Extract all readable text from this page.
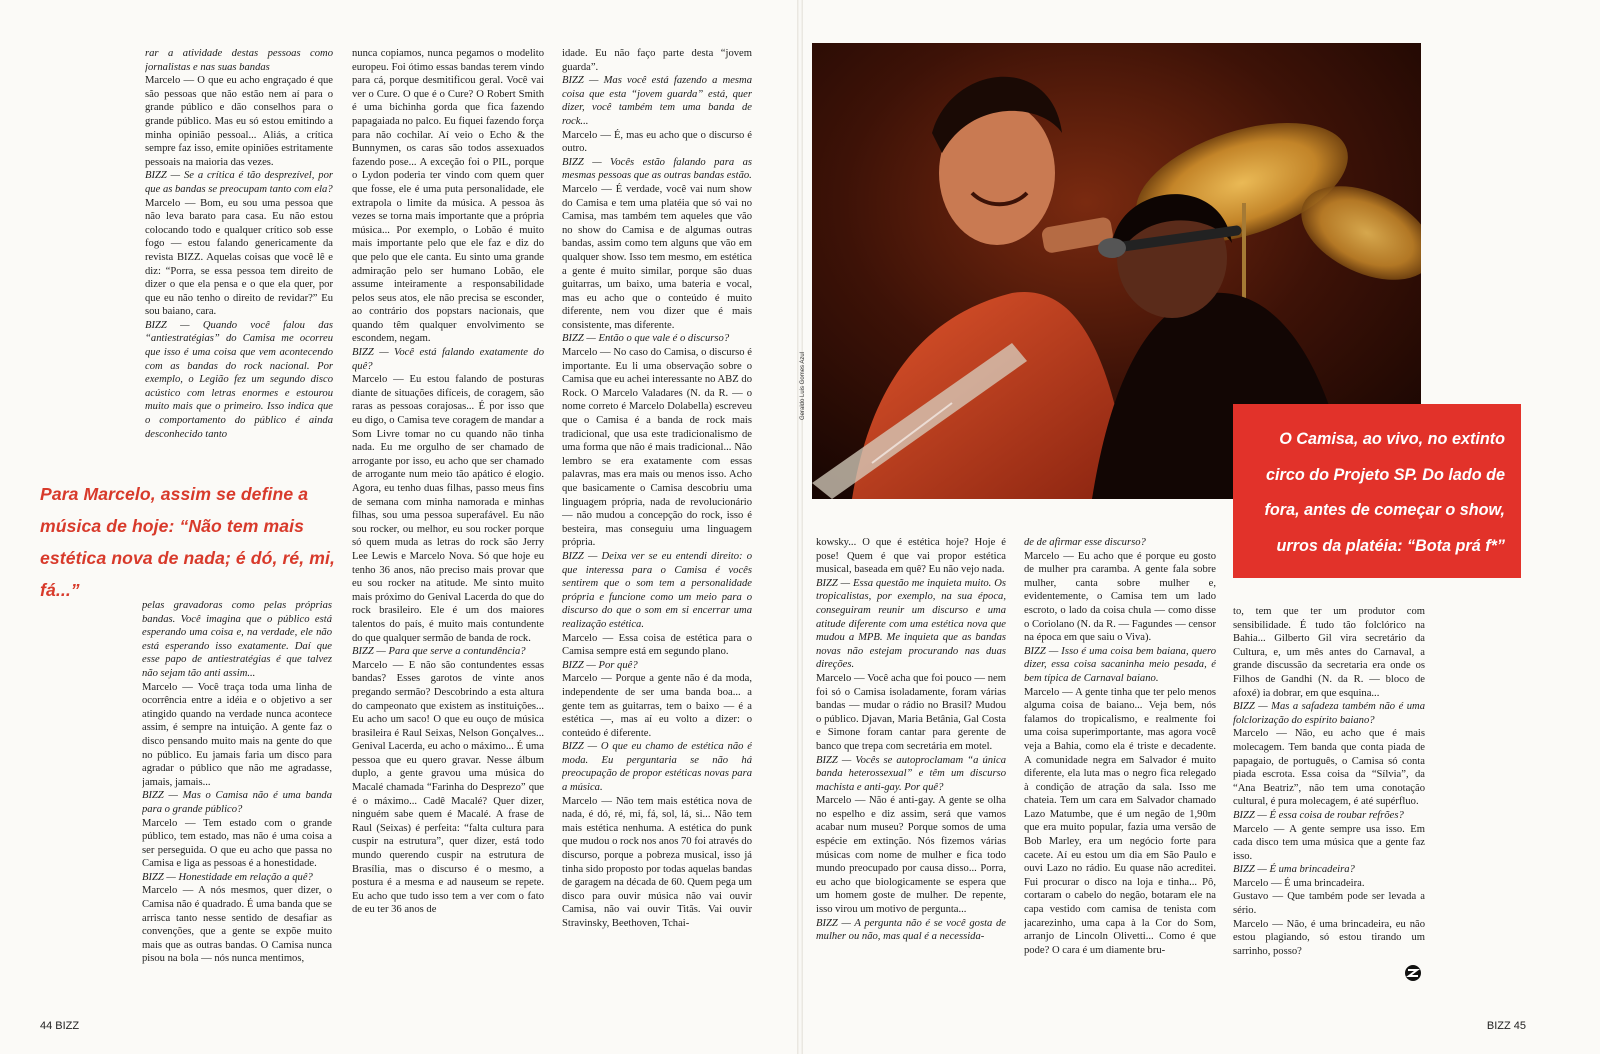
rar a atividade destas pessoas como jornalistas e nas suas bandas

Marcelo — O que eu acho engraçado é que são pessoas que não estão nem aí para o grande público e dão conselhos para o grande público. Mas eu só estou emitindo a minha opinião pessoal... Aliás, a crítica sempre faz isso, emite opiniões estritamente pessoais na maioria das vezes.

BIZZ — Se a crítica é tão desprezível, por que as bandas se preocupam tanto com ela?

Marcelo — Bom, eu sou uma pessoa que não leva barato para casa. Eu não estou colocando todo e qualquer crítico sob esse fogo — estou falando genericamente da revista BIZZ. Aquelas coisas que você lê e diz: “Porra, se essa pessoa tem direito de dizer o que ela pensa e o que ela quer, por que eu não tenho o direito de revidar?” Eu sou baiano, cara.

BIZZ — Quando você falou das “antiestratégias” do Camisa me ocorreu que isso é uma coisa que vem acontecendo com as bandas do rock nacional. Por exemplo, o Legião fez um segundo disco acústico com letras enormes e estourou muito mais que o primeiro. Isso indica que o comportamento do público é ainda desconhecido tanto

Para Marcelo, assim se define a música de hoje: “Não tem mais estética nova de nada; é dó, ré, mi, fá...”

pelas gravadoras como pelas próprias bandas. Você imagina que o público está esperando uma coisa e, na verdade, ele não está esperando isso exatamente. Daí que esse papo de antiestratégias é que talvez não sejam tão anti assim...

Marcelo — Você traça toda uma linha de ocorrência entre a idéia e o objetivo a ser atingido quando na verdade nunca acontece assim, é sempre na intuição. A gente faz o disco pensando muito mais na gente do que no público. Eu jamais faria um disco para agradar o público que não me agradasse, jamais, jamais...

BIZZ — Mas o Camisa não é uma banda para o grande público?

Marcelo — Tem estado com o grande público, tem estado, mas não é uma coisa a ser perseguida. O que eu acho que passa no Camisa e liga as pessoas é a honestidade.

BIZZ — Honestidade em relação a quê?

Marcelo — A nós mesmos, quer dizer, o Camisa não é quadrado. É uma banda que se arrisca tanto nesse sentido de desafiar as convenções, que a gente se expõe muito mais que as outras bandas. O Camisa nunca pisou na bola — nós nunca mentimos,

nunca copiamos, nunca pegamos o modelito europeu. Foi ótimo essas bandas terem vindo para cá, porque desmitificou geral. Você vai ver o Cure. O que é o Cure? O Robert Smith é uma bichinha gorda que fica fazendo papagaiada no palco. Eu fiquei fazendo força para não cochilar. Aí veio o Echo & the Bunnymen, os caras são todos assexuados fazendo pose... A exceção foi o PIL, porque o Lydon poderia ter vindo com quem quer que fosse, ele é uma puta personalidade, ele extrapola o limite da música. A pessoa às vezes se torna mais importante que a própria música... Por exemplo, o Lobão é muito mais importante pelo que ele faz e diz do que pelo que ele canta. Eu sinto uma grande admiração pelo ser humano Lobão, ele assume inteiramente a responsabilidade pelos seus atos, ele não precisa se esconder, ao contrário dos popstars nacionais, que quando têm qualquer envolvimento se escondem, negam.

BIZZ — Você está falando exatamente do quê?

Marcelo — Eu estou falando de posturas diante de situações difíceis, de coragem, são raras as pessoas corajosas... É por isso que eu digo, o Camisa teve coragem de mandar a Som Livre tomar no cu quando não tinha nada. Eu me orgulho de ser chamado de arrogante por isso, eu acho que ser chamado de arrogante num meio tão apático é elogio. Agora, eu tenho duas filhas, passo meus fins de semana com minha namorada e minhas filhas, sou uma pessoa superafável. Eu não sou rocker, ou melhor, eu sou rocker porque só quem muda as letras do rock são Jerry Lee Lewis e Marcelo Nova. Só que hoje eu tenho 36 anos, não preciso mais provar que eu sou rocker na atitude. Me sinto muito mais próximo do Genival Lacerda do que do rock brasileiro. Ele é um dos maiores talentos do país, é muito mais contundente do que qualquer sermão de banda de rock.

BIZZ — Para que serve a contundência?

Marcelo — E não são contundentes essas bandas? Esses garotos de vinte anos pregando sermão? Descobrindo a esta altura do campeonato que existem as instituições... Eu acho um saco! O que eu ouço de música brasileira é Raul Seixas, Nelson Gonçalves... Genival Lacerda, eu acho o máximo... É uma pessoa que eu quero gravar. Nesse álbum duplo, a gente gravou uma música do Macalé chamada “Farinha do Desprezo” que é o máximo... Cadê Macalé? Quer dizer, ninguém sabe quem é Macalé. A frase de Raul (Seixas) é perfeita: “falta cultura para cuspir na estrutura”, quer dizer, está todo mundo querendo cuspir na estrutura de Brasília, mas o discurso é o mesmo, a postura é a mesma e ad nauseum se repete. Eu acho que tudo isso tem a ver com o fato de eu ter 36 anos de

idade. Eu não faço parte desta “jovem guarda”.

BIZZ — Mas você está fazendo a mesma coisa que esta “jovem guarda” está, quer dizer, você também tem uma banda de rock...

Marcelo — É, mas eu acho que o discurso é outro.

BIZZ — Vocês estão falando para as mesmas pessoas que as outras bandas estão.

Marcelo — É verdade, você vai num show do Camisa e tem uma platéia que só vai no Camisa, mas também tem aqueles que vão no show do Camisa e de algumas outras bandas, assim como tem alguns que vão em qualquer show. Isso tem mesmo, em estética a gente é muito similar, porque são duas guitarras, um baixo, uma bateria e vocal, mas eu acho que o conteúdo é muito diferente, nem vou dizer que é mais consistente, mas diferente.

BIZZ — Então o que vale é o discurso?

Marcelo — No caso do Camisa, o discurso é importante. Eu li uma observação sobre o Camisa que eu achei interessante no ABZ do Rock. O Marcelo Valadares (N. da R. — o nome correto é Marcelo Dolabella) escreveu que o Camisa é a banda de rock mais tradicional, que usa este tradicionalismo de uma forma que não é mais tradicional... Não lembro se era exatamente com essas palavras, mas era mais ou menos isso. Acho que basicamente o Camisa descobriu uma linguagem própria, nada de revolucionário — não mudou a concepção do rock, isso é besteira, mas conseguiu uma linguagem própria.

BIZZ — Deixa ver se eu entendi direito: o que interessa para o Camisa é vocês sentirem que o som tem a personalidade própria e funcione como um meio para o discurso do que o som em si encerrar uma realização estética.

Marcelo — Essa coisa de estética para o Camisa sempre está em segundo plano.

BIZZ — Por quê?

Marcelo — Porque a gente não é da moda, independente de ser uma banda boa... a gente tem as guitarras, tem o baixo — é a estética —, mas aí eu volto a dizer: o conteúdo é diferente.

BIZZ — O que eu chamo de estética não é moda. Eu perguntaria se não há preocupação de propor estéticas novas para a música.

Marcelo — Não tem mais estética nova de nada, é dó, ré, mi, fá, sol, lá, si... Não tem mais estética nenhuma. A estética do punk que mudou o rock nos anos 70 foi através do discurso, porque a pobreza musical, isso já tinha sido proposto por todas aquelas bandas de garagem na década de 60. Quem pega um disco para ouvir música não vai ouvir Camisa, não vai ouvir Titãs. Vai ouvir Stravinsky, Beethoven, Tchai-

44 BIZZ
Geraldo Luis Gomes Azul
O Camisa, ao vivo, no extinto circo do Projeto SP. Do lado de fora, antes de começar o show, urros da platéia: “Bota prá f*”

kowsky... O que é estética hoje? Hoje é pose! Quem é que vai propor estética musical, baseada em quê? Eu não vejo nada.

BIZZ — Essa questão me inquieta muito. Os tropicalistas, por exemplo, na sua época, conseguiram reunir um discurso e uma atitude diferente com uma estética nova que mudou a MPB. Me inquieta que as bandas novas não estejam procurando nas duas direções.

Marcelo — Você acha que foi pouco — nem foi só o Camisa isoladamente, foram várias bandas — mudar o rádio no Brasil? Mudou o público. Djavan, Maria Betânia, Gal Costa e Simone foram cantar para gerente de banco que trepa com secretária em motel.

BIZZ — Vocês se autoproclamam “a única banda heterossexual” e têm um discurso machista e anti-gay. Por quê?

Marcelo — Não é anti-gay. A gente se olha no espelho e diz assim, será que vamos acabar num museu? Porque somos de uma espécie em extinção. Nós fizemos várias músicas com nome de mulher e fica todo mundo preocupado por causa disso... Porra, eu acho que biologicamente se espera que um homem goste de mulher. De repente, isso virou um motivo de pergunta...

BIZZ — A pergunta não é se você gosta de mulher ou não, mas qual é a necessida-

de de afirmar esse discurso?

Marcelo — Eu acho que é porque eu gosto de mulher pra caramba. A gente fala sobre mulher, canta sobre mulher e, evidentemente, o Camisa tem um lado escroto, o lado da coisa chula — como disse o Coriolano (N. da R. — Fagundes — censor na época em que saiu o Viva).

BIZZ — Isso é uma coisa bem baiana, quero dizer, essa coisa sacaninha meio pesada, é bem típica de Carnaval baiano.

Marcelo — A gente tinha que ter pelo menos alguma coisa de baiano... Veja bem, nós falamos do tropicalismo, e realmente foi uma coisa superimportante, mas agora você veja a Bahia, como ela é triste e decadente. A comunidade negra em Salvador é muito diferente, ela luta mas o negro fica relegado à condição de atração da sala. Isso me chateia. Tem um cara em Salvador chamado Lazo Matumbe, que é um negão de 1,90m que era muito popular, fazia uma versão de Bob Marley, era um negócio forte para cacete. Aí eu estou um dia em São Paulo e ouvi Lazo no rádio. Eu quase não acreditei. Fui procurar o disco na loja e tinha... Pô, cortaram o cabelo do negão, botaram ele na capa vestido com camisa de tenista com jacarezinho, uma capa à la Cor do Som, arranjo de Lincoln Olivetti... Como é que pode? O cara é um diamente bru-

to, tem que ter um produtor com sensibilidade. É tudo tão folclórico na Bahia... Gilberto Gil vira secretário da Cultura, e, um mês antes do Carnaval, a grande discussão da secretaria era onde os Filhos de Gandhi (N. da R. — bloco de afoxé) ia dobrar, em que esquina...

BIZZ — Mas a safadeza também não é uma folclorização do espírito baiano?

Marcelo — Não, eu acho que é mais molecagem. Tem banda que conta piada de papagaio, de português, o Camisa só conta piada escrota. Essa coisa da “Sílvia”, da “Ana Beatriz”, não tem uma conotação cultural, é pura molecagem, é até supérfluo.

BIZZ — É essa coisa de roubar refrões?

Marcelo — A gente sempre usa isso. Em cada disco tem uma música que a gente faz isso.

BIZZ — É uma brincadeira?

Marcelo — É uma brincadeira.

Gustavo — Que também pode ser levada a sério.

Marcelo — Não, é uma brincadeira, eu não estou plagiando, só estou tirando um sarrinho, posso?

BIZZ 45
